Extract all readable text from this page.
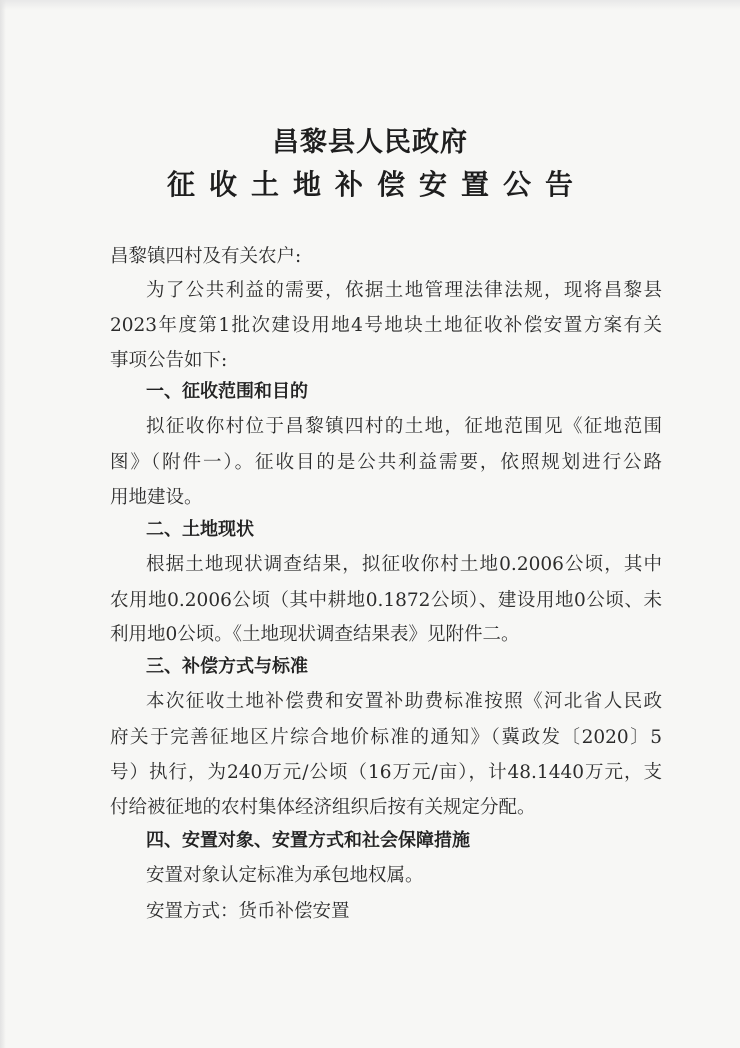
昌黎县人民政府
征收土地补偿安置公告
昌黎镇四村及有关农户:
为了公共利益的需要，依据土地管理法律法规，现将昌黎县
2023年度第1批次建设用地4号地块土地征收补偿安置方案有关
事项公告如下:
一、征收范围和目的
拟征收你村位于昌黎镇四村的土地，征地范围见《征地范围
图》（附件一）。征收目的是公共利益需要，依照规划进行公路
用地建设。
二、土地现状
根据土地现状调查结果，拟征收你村土地0.2006公顷，其中
农用地0.2006公顷（其中耕地0.1872公顷）、建设用地0公顷、未
利用地0公顷。《土地现状调查结果表》见附件二。
三、补偿方式与标准
本次征收土地补偿费和安置补助费标准按照《河北省人民政
府关于完善征地区片综合地价标准的通知》（冀政发〔2020〕5
号）执行，为240万元/公顷（16万元/亩），计48.1440万元，支
付给被征地的农村集体经济组织后按有关规定分配。
四、安置对象、安置方式和社会保障措施
安置对象认定标准为承包地权属。
安置方式：货币补偿安置
